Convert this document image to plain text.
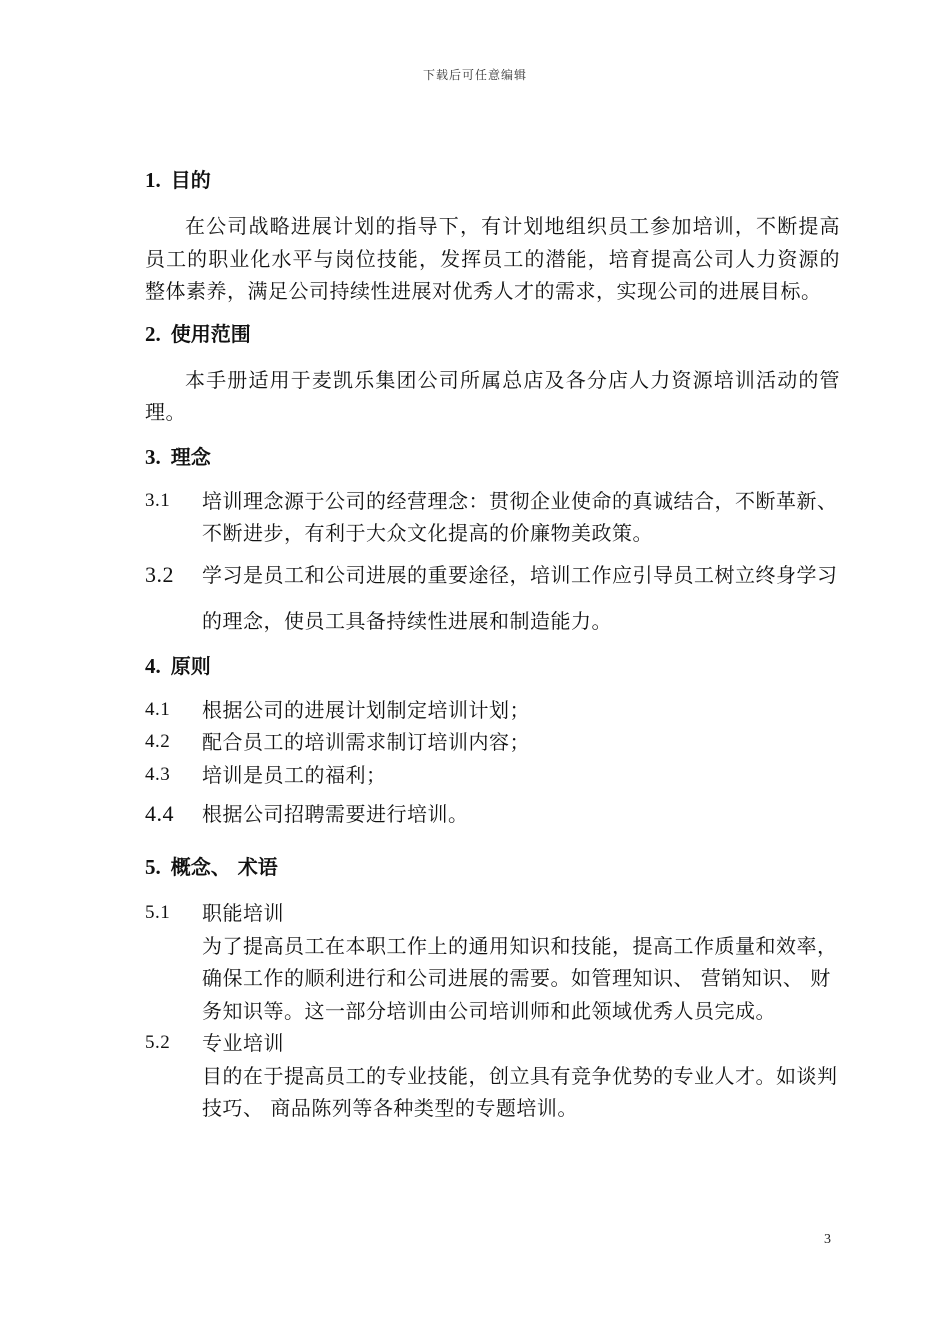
下载后可任意编辑
1. 目的

在公司战略进展计划的指导下，有计划地组织员工参加培训，不断提高员工的职业化水平与岗位技能，发挥员工的潜能，培育提高公司人力资源的整体素养，满足公司持续性进展对优秀人才的需求，实现公司的进展目标。

2. 使用范围

本手册适用于麦凯乐集团公司所属总店及各分店人力资源培训活动的管理。

3. 理念
3.1	培训理念源于公司的经营理念：贯彻企业使命的真诚结合，不断革新、 不断进步，有利于大众文化提高的价廉物美政策。
3.2	学习是员工和公司进展的重要途径，培训工作应引导员工树立终身学习的理念，使员工具备持续性进展和制造能力。
4. 原则
4.1	根据公司的进展计划制定培训计划；
4.2	配合员工的培训需求制订培训内容；
4.3	培训是员工的福利；
4.4	根据公司招聘需要进行培训。
5. 概念、 术语
5.1	职能培训
为了提高员工在本职工作上的通用知识和技能，提高工作质量和效率，确保工作的顺利进行和公司进展的需要。如管理知识、 营销知识、 财务知识等。这一部分培训由公司培训师和此领域优秀人员完成。
5.2	专业培训
目的在于提高员工的专业技能，创立具有竞争优势的专业人才。如谈判技巧、 商品陈列等各种类型的专题培训。
3
